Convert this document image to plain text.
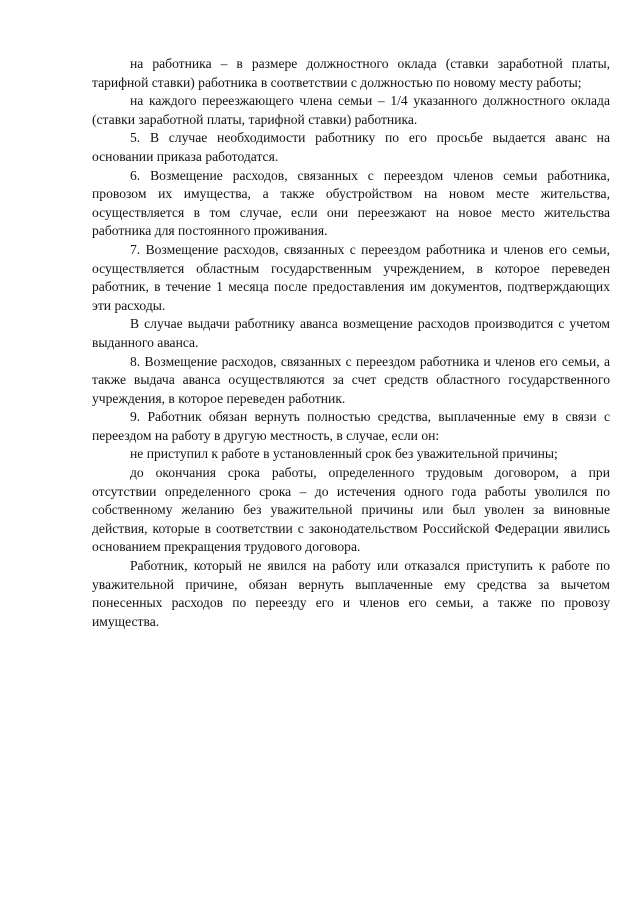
на работника – в размере должностного оклада (ставки заработной платы, тарифной ставки) работника в соответствии с должностью по новому месту работы;

на каждого переезжающего члена семьи – 1/4 указанного должностного оклада (ставки заработной платы, тарифной ставки) работника.

5. В случае необходимости работнику по его просьбе выдается аванс на основании приказа работодатся.

6. Возмещение расходов, связанных с переездом членов семьи работника, провозом их имущества, а также обустройством на новом месте жительства, осуществляется в том случае, если они переезжают на новое место жительства работника для постоянного проживания.

7. Возмещение расходов, связанных с переездом работника и членов его семьи, осуществляется областным государственным учреждением, в которое переведен работник, в течение 1 месяца после предоставления им документов, подтверждающих эти расходы.

В случае выдачи работнику аванса возмещение расходов производится с учетом выданного аванса.

8. Возмещение расходов, связанных с переездом работника и членов его семьи, а также выдача аванса осуществляются за счет средств областного государственного учреждения, в которое переведен работник.

9. Работник обязан вернуть полностью средства, выплаченные ему в связи с переездом на работу в другую местность, в случае, если он:

не приступил к работе в установленный срок без уважительной причины;

до окончания срока работы, определенного трудовым договором, а при отсутствии определенного срока – до истечения одного года работы уволился по собственному желанию без уважительной причины или был уволен за виновные действия, которые в соответствии с законодательством Российской Федерации явились основанием прекращения трудового договора.

Работник, который не явился на работу или отказался приступить к работе по уважительной причине, обязан вернуть выплаченные ему средства за вычетом понесенных расходов по переезду его и членов его семьи, а также по провозу имущества.
